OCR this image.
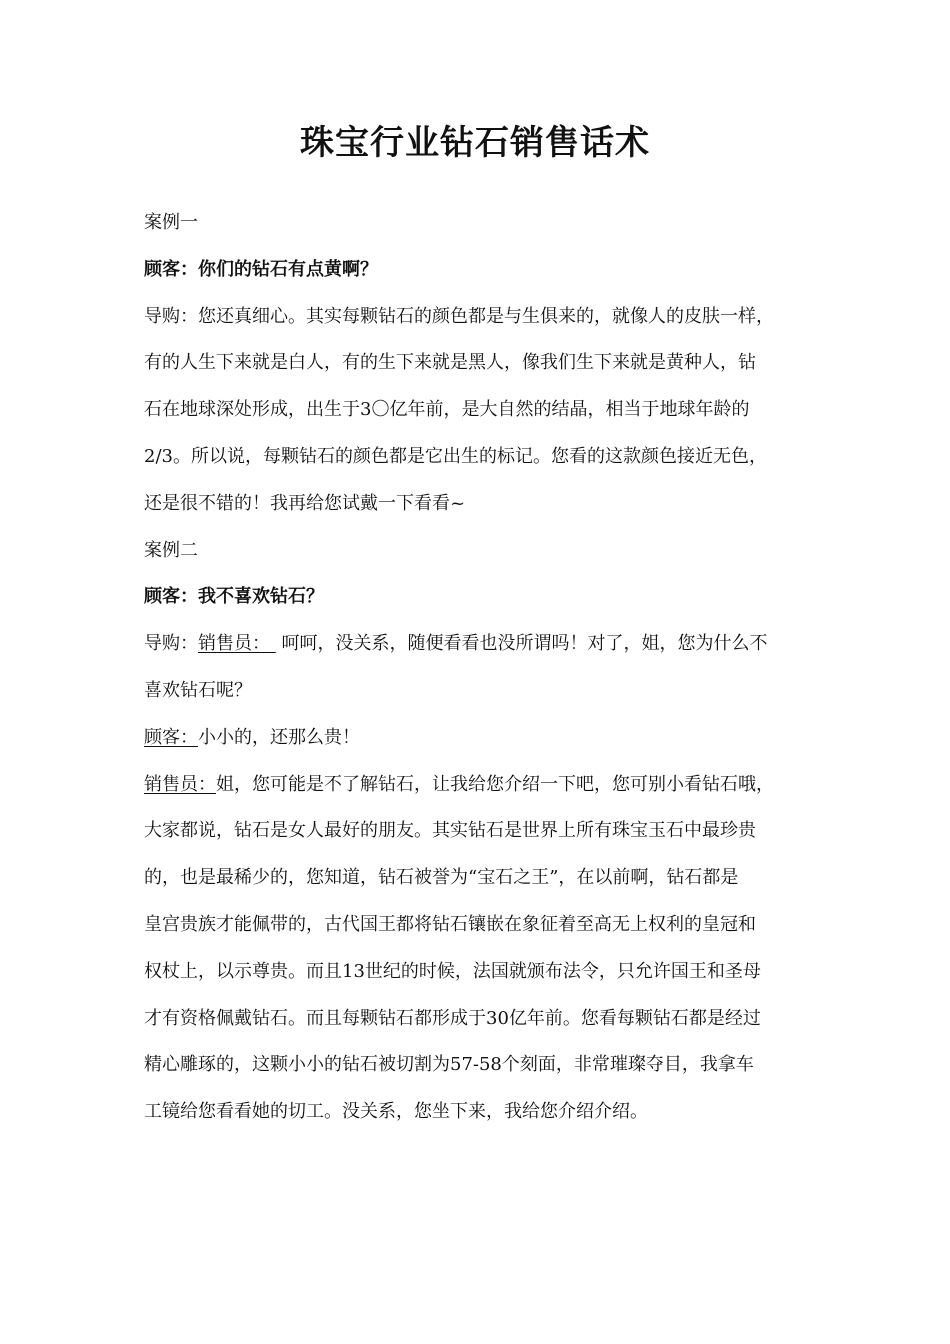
珠宝行业钻石销售话术
案例一
顾客：你们的钻石有点黄啊？
导购：您还真细心。其实每颗钻石的颜色都是与生俱来的，就像人的皮肤一样，
有的人生下来就是白人，有的生下来就是黑人，像我们生下来就是黄种人，钻
石在地球深处形成，出生于3〇亿年前，是大自然的结晶，相当于地球年龄的
2/3。所以说，每颗钻石的颜色都是它出生的标记。您看的这款颜色接近无色，
还是很不错的！我再给您试戴一下看看~
案例二
顾客：我不喜欢钻石？
导购：销售员：  呵呵，没关系，随便看看也没所谓吗！对了，姐，您为什么不
喜欢钻石呢？
顾客：小小的，还那么贵！
销售员：姐，您可能是不了解钻石，让我给您介绍一下吧，您可别小看钻石哦，
大家都说，钻石是女人最好的朋友。其实钻石是世界上所有珠宝玉石中最珍贵
的，也是最稀少的，您知道，钻石被誉为“宝石之王”，在以前啊，钻石都是
皇宫贵族才能佩带的，古代国王都将钻石镶嵌在象征着至高无上权利的皇冠和
权杖上，以示尊贵。而且13世纪的时候，法国就颁布法令，只允许国王和圣母
才有资格佩戴钻石。而且每颗钻石都形成于30亿年前。您看每颗钻石都是经过
精心雕琢的，这颗小小的钻石被切割为57-58个刻面，非常璀璨夺目，我拿车
工镜给您看看她的切工。没关系，您坐下来，我给您介绍介绍。
